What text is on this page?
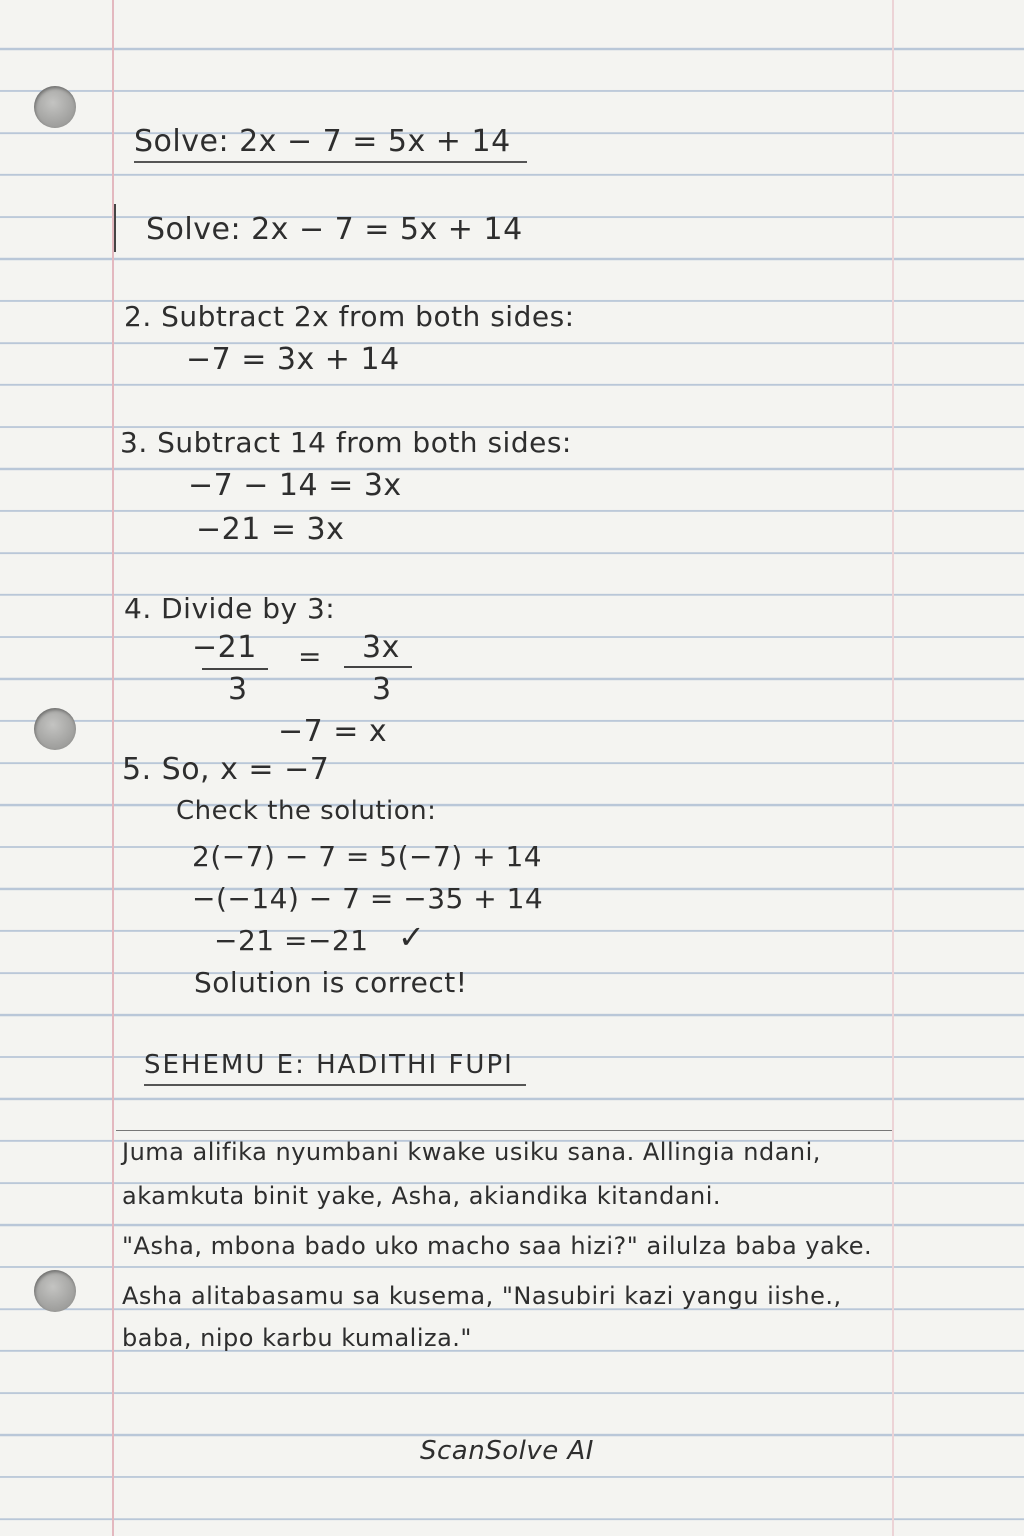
Solve: 2x − 7 = 5x + 14
Solve: 2x − 7 = 5x + 14
2. Subtract 2x from both sides:
−7 = 3x + 14
3. Subtract 14 from both sides:
−7 − 14 = 3x
−21 = 3x
4. Divide by 3:
−21
3
= 3x
3
−7 = x
5. So, x = −7
Check the solution:
2(−7) − 7 = 5(−7) + 14
−(−14) − 7 = −35 + 14
−21 =−21 ✓
Solution is correct!
SEHEMU E: HADITHI FUPI
Juma alifika nyumbani kwake usiku sana. Allingia ndani,
akamkuta binit yake, Asha, akiandika kitandani.
"Asha, mbona bado uko macho saa hizi?" ailulza baba yake.
Asha alitabasamu sa kusema, "Nasubiri kazi yangu iishe.,
baba, nipo karbu kumaliza."
ScanSolve AI
